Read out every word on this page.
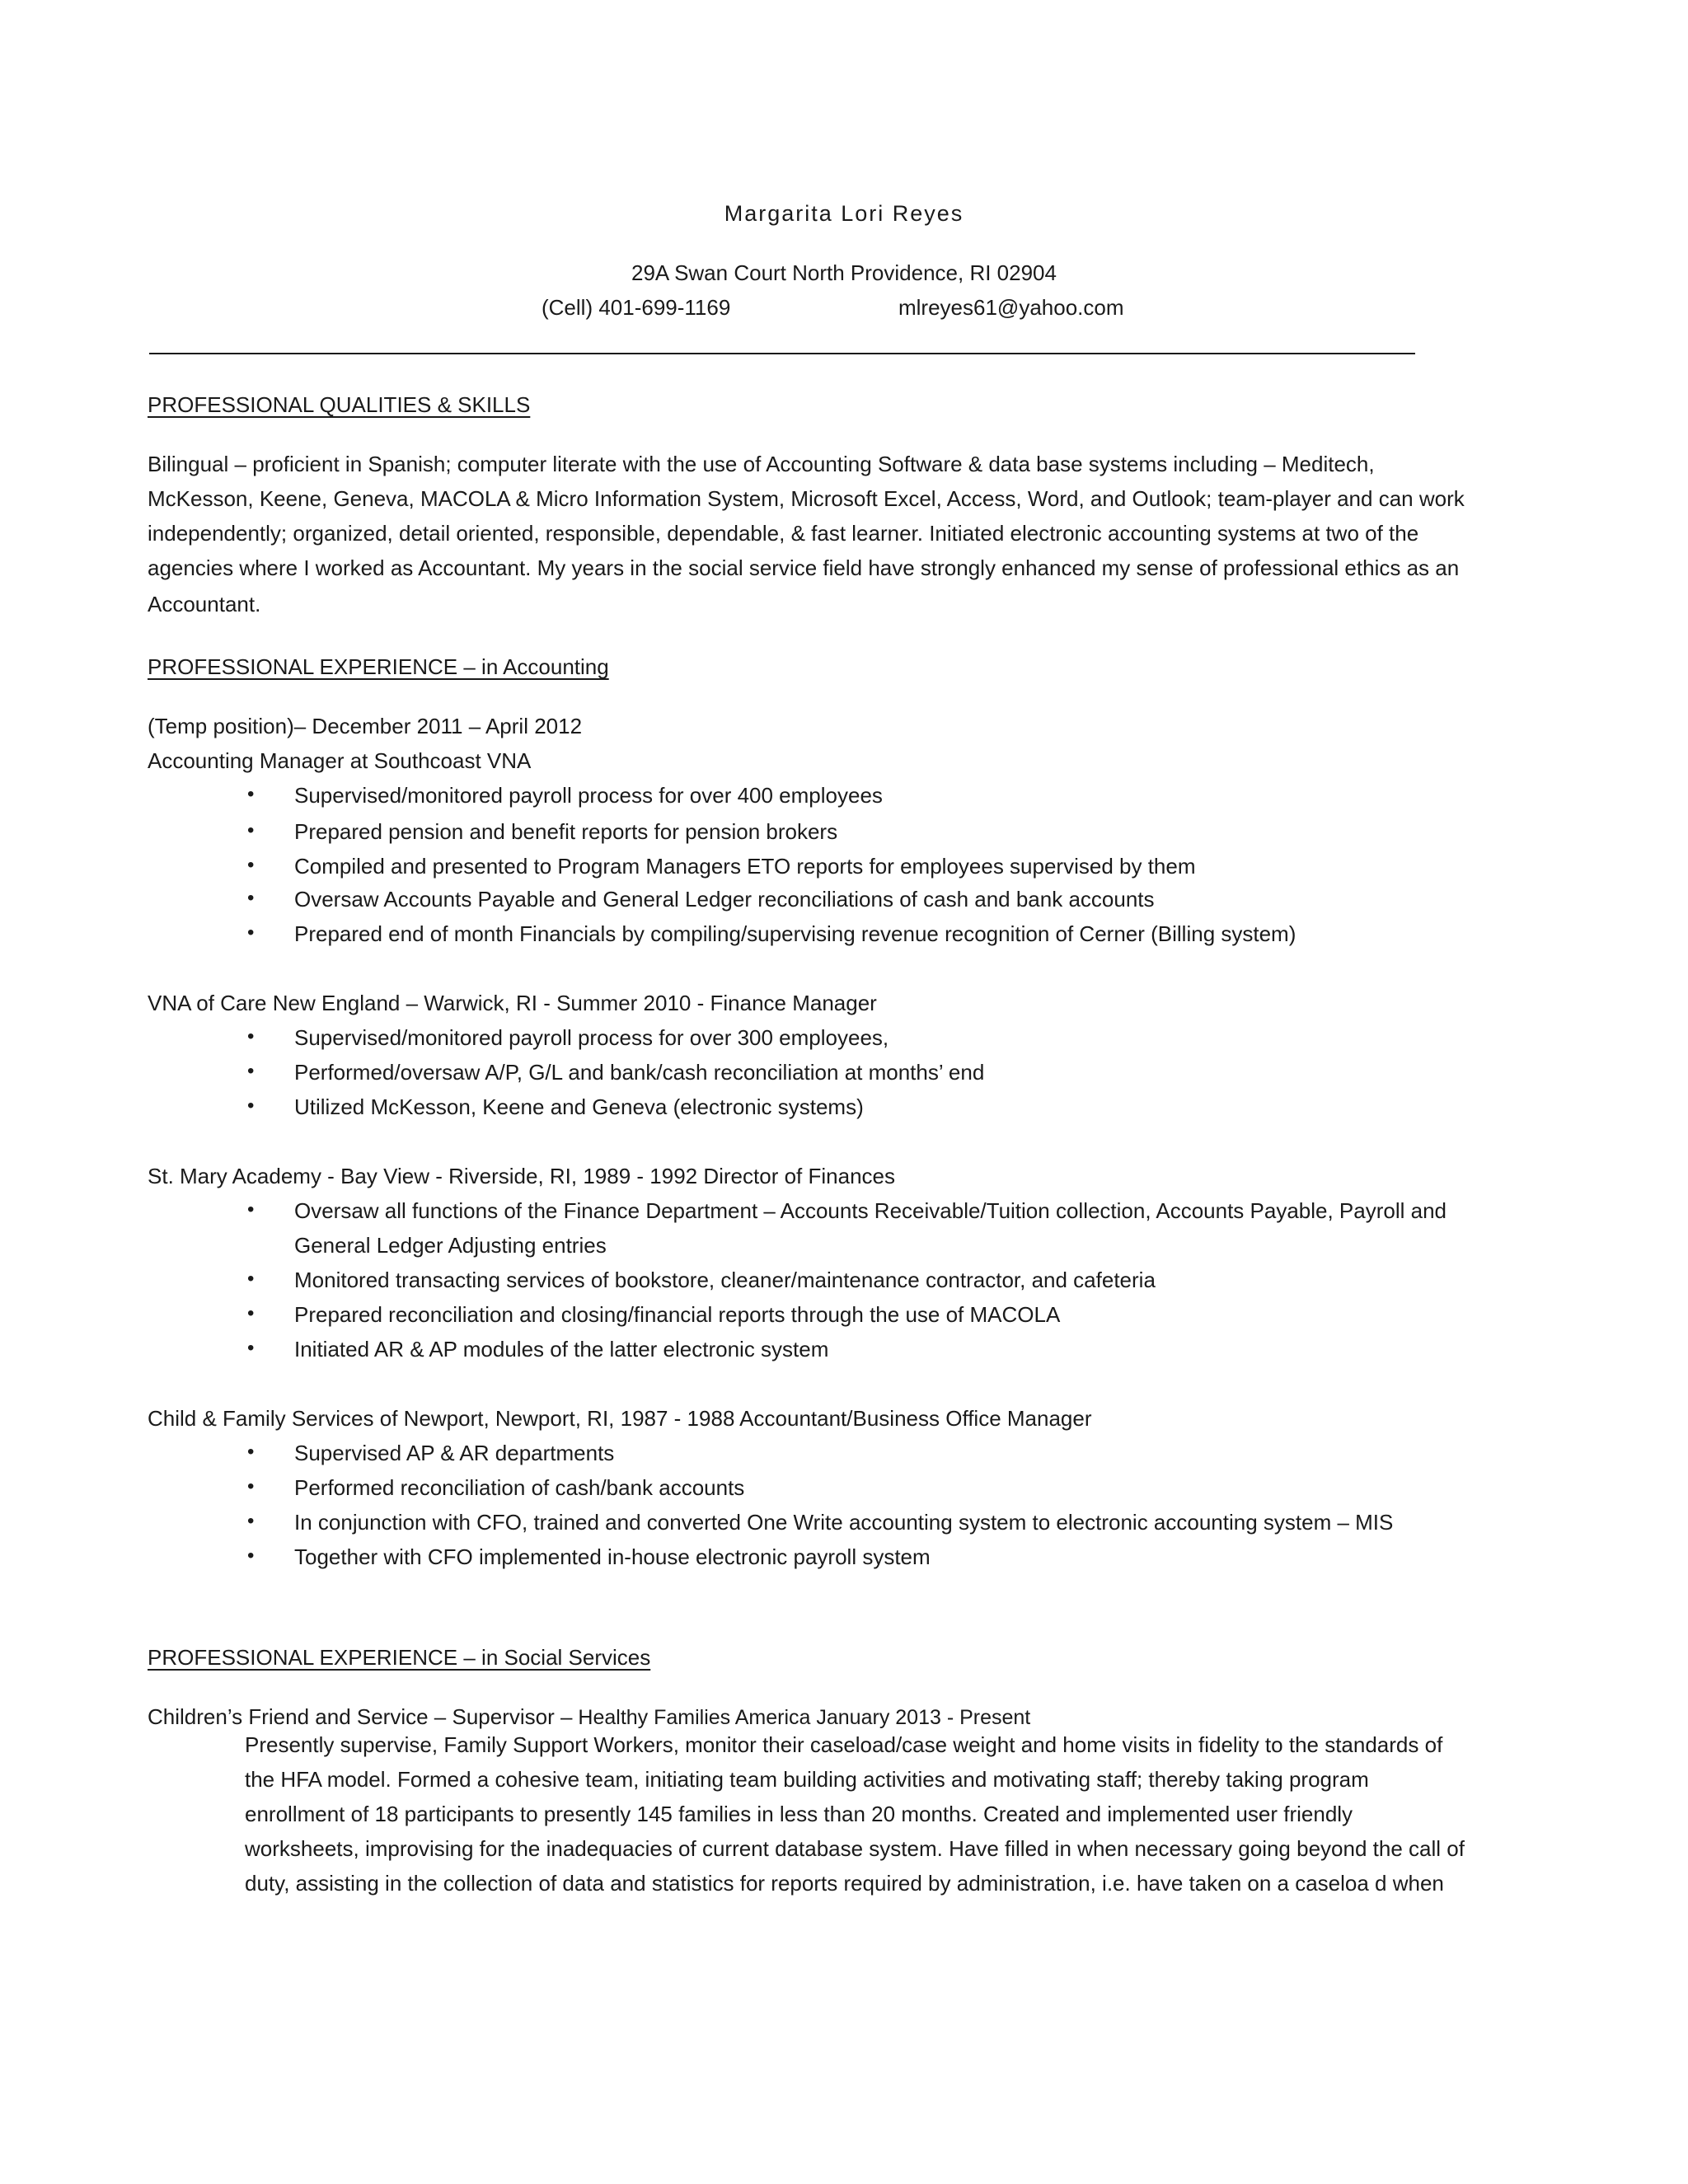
Margarita Lori Reyes
29A Swan Court North Providence, RI 02904
(Cell) 401-699-1169	mlreyes61@yahoo.com
PROFESSIONAL QUALITIES & SKILLS
Bilingual – proficient in Spanish; computer literate with the use of Accounting Software & data base systems including – Meditech,
McKesson, Keene, Geneva, MACOLA & Micro Information System, Microsoft Excel, Access, Word, and Outlook; team-player and can work
independently; organized, detail oriented, responsible, dependable, & fast learner. Initiated electronic accounting systems at two of the
agencies where I worked as Accountant. My years in the social service field have strongly enhanced my sense of professional ethics as an
Accountant.
PROFESSIONAL EXPERIENCE – in Accounting
(Temp position)– December 2011 – April 2012
Accounting Manager at Southcoast VNA
• Supervised/monitored payroll process for over 400 employees
• Prepared pension and benefit reports for pension brokers
• Compiled and presented to Program Managers ETO reports for employees supervised by them
• Oversaw Accounts Payable and General Ledger reconciliations of cash and bank accounts
• Prepared end of month Financials by compiling/supervising revenue recognition of Cerner (Billing system)
VNA of Care New England – Warwick, RI - Summer 2010 - Finance Manager
• Supervised/monitored payroll process for over 300 employees,
• Performed/oversaw A/P, G/L and bank/cash reconciliation at months’ end
• Utilized McKesson, Keene and Geneva (electronic systems)
St. Mary Academy - Bay View - Riverside, RI, 1989 - 1992 Director of Finances
• Oversaw all functions of the Finance Department – Accounts Receivable/Tuition collection, Accounts Payable, Payroll and
General Ledger Adjusting entries
• Monitored transacting services of bookstore, cleaner/maintenance contractor, and cafeteria
• Prepared reconciliation and closing/financial reports through the use of MACOLA
• Initiated AR & AP modules of the latter electronic system
Child & Family Services of Newport, Newport, RI, 1987 - 1988 Accountant/Business Office Manager
• Supervised AP & AR departments
• Performed reconciliation of cash/bank accounts
• In conjunction with CFO, trained and converted One Write accounting system to electronic accounting system – MIS
• Together with CFO implemented in-house electronic payroll system
PROFESSIONAL EXPERIENCE – in Social Services
Children’s Friend and Service – Supervisor – Healthy Families America January 2013 - Present
Presently supervise, Family Support Workers, monitor their caseload/case weight and home visits in fidelity to the standards of
the HFA model. Formed a cohesive team, initiating team building activities and motivating staff; thereby taking program
enrollment of 18 participants to presently 145 families in less than 20 months. Created and implemented user friendly
worksheets, improvising for the inadequacies of current database system. Have filled in when necessary going beyond the call of
duty, assisting in the collection of data and statistics for reports required by administration, i.e. have taken on a caseloa d when
